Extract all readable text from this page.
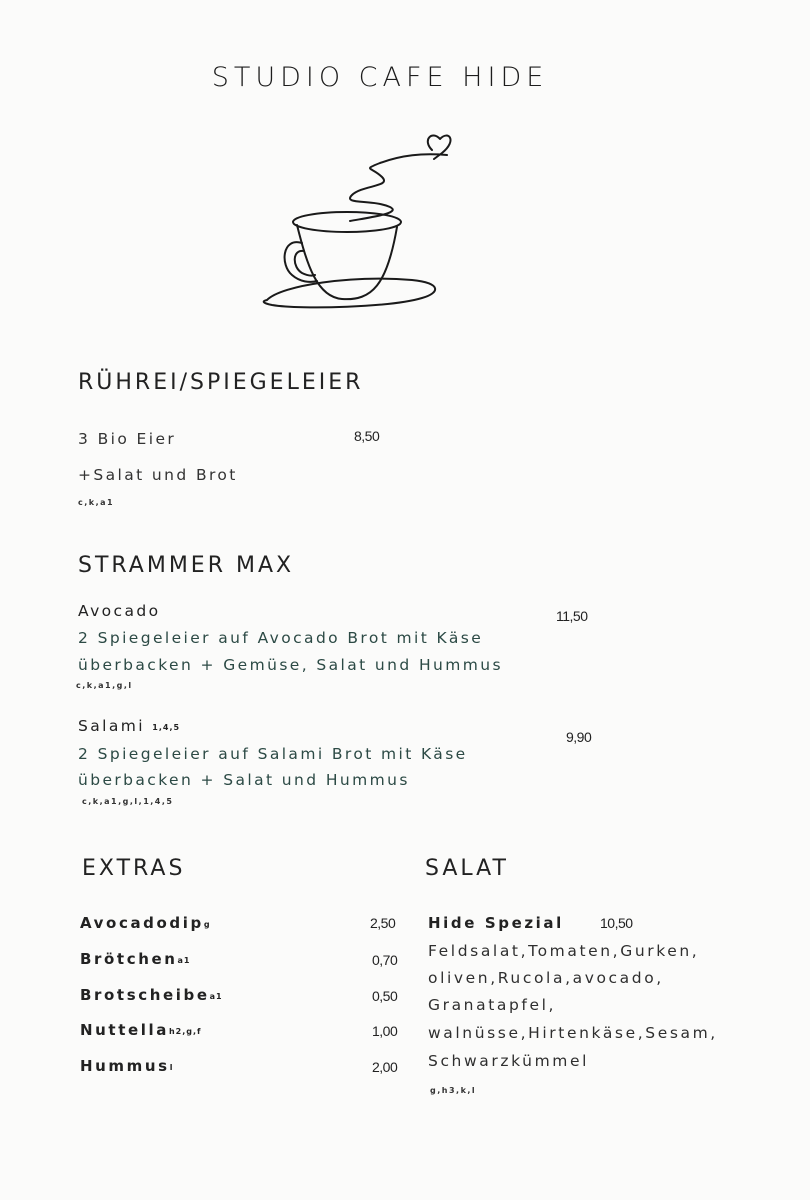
STUDIO CAFE HIDE
RÜHREI/SPIEGELEIER
3 Bio Eier	8,50
+Salat und Brot
c,k,a1
STRAMMER MAX
Avocado	11,50
2 Spiegeleier auf Avocado Brot mit Käse
überbacken + Gemüse, Salat und Hummus
c,k,a1,g,l
Salami 1,4,5
9,90
2 Spiegeleier auf Salami Brot mit Käse
überbacken + Salat und Hummus
c,k,a1,g,l,1,4,5
EXTRAS
Avocadodipg	2,50
Brötchena1	0,70
Brotscheibea1	0,50
Nuttellah2,g,f	1,00
Hummusl	2,00
SALAT
Hide Spezial	10,50
Feldsalat,Tomaten,Gurken,
oliven,Rucola,avocado,
Granatapfel,
walnüsse,Hirtenkäse,Sesam,
Schwarzkümmel
g,h3,k,l
